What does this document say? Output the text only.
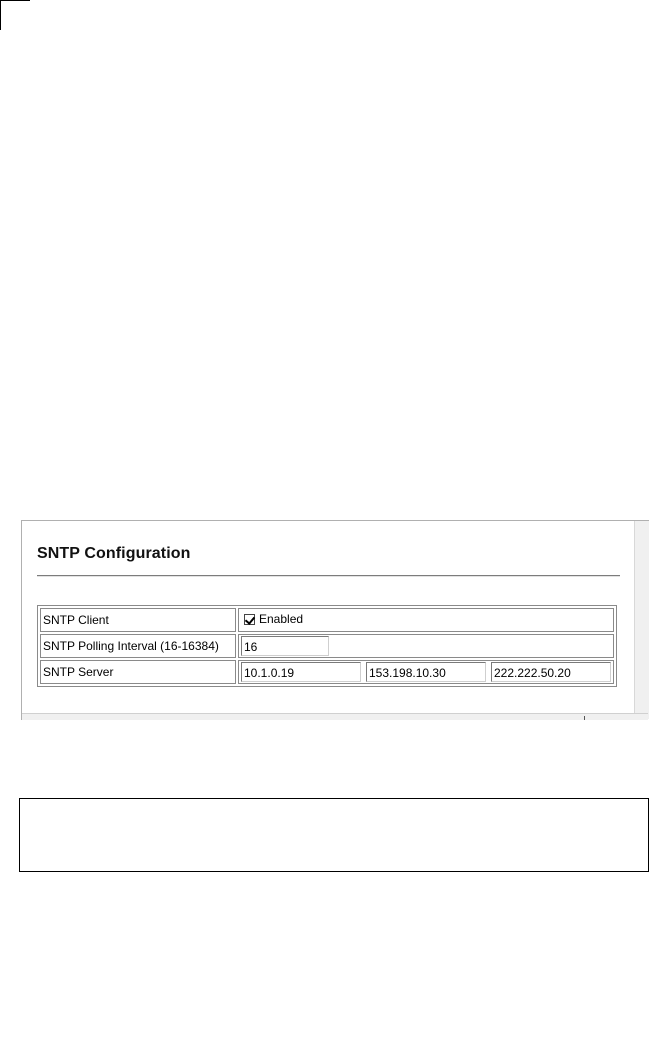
SNTP Configuration
SNTP Client	Enabled

SNTP Polling Interval (16-16384)	16
SNTP Server	10.1.0.19 153.198.10.30 222.222.50.20
